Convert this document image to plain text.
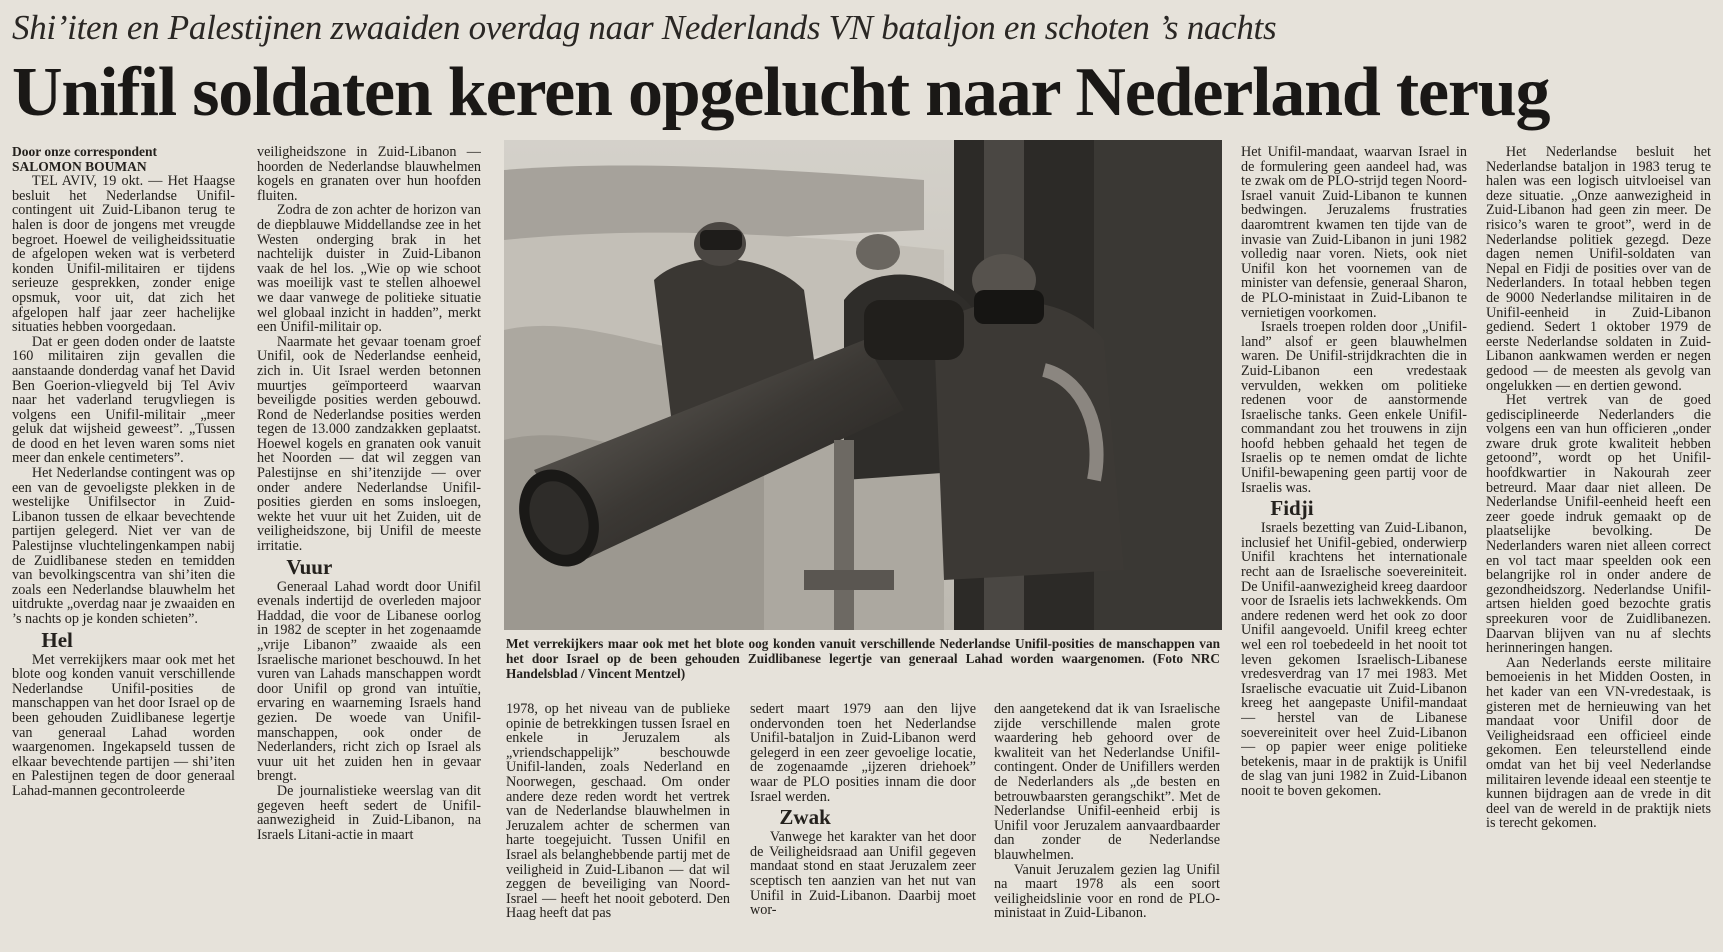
Shi’iten en Palestijnen zwaaiden overdag naar Nederlands VN bataljon en schoten ’s nachts
Unifil soldaten keren opgelucht naar Nederland terug

Door onze correspondent

SALOMON BOUMAN

TEL AVIV, 19 okt. — Het Haagse besluit het Nederlandse Unifil-contingent uit Zuid-Libanon terug te halen is door de jongens met vreugde begroet. Hoewel de veiligheidssituatie de afgelopen weken wat is verbeterd konden Unifil-militairen er tijdens serieuze gesprekken, zonder enige opsmuk, voor uit, dat zich het afgelopen half jaar zeer hachelijke situaties hebben voorgedaan.

Dat er geen doden onder de laatste 160 militairen zijn gevallen die aanstaande donderdag vanaf het David Ben Goerion-vliegveld bij Tel Aviv naar het vaderland terugvliegen is volgens een Unifil-militair „meer geluk dat wijsheid geweest”. „Tussen de dood en het leven waren soms niet meer dan enkele centimeters”.

Het Nederlandse contingent was op een van de gevoeligste plekken in de westelijke Unifilsector in Zuid-Libanon tussen de elkaar bevechtende partijen gelegerd. Niet ver van de Palestijnse vluchtelingenkampen nabij de Zuidlibanese steden en temidden van bevolkingscentra van shi’iten die zoals een Nederlandse blauwhelm het uitdrukte „overdag naar je zwaaiden en ’s nachts op je konden schieten”.

Hel

Met verrekijkers maar ook met het blote oog konden vanuit verschillende Nederlandse Unifil-posities de manschappen van het door Israel op de been gehouden Zuidlibanese legertje van generaal Lahad worden waargenomen. Ingekapseld tussen de elkaar bevechtende partijen — shi’iten en Palestijnen tegen de door generaal Lahad-mannen gecontroleerde

veiligheidszone in Zuid-Libanon — hoorden de Nederlandse blauwhelmen kogels en granaten over hun hoofden fluiten.

Zodra de zon achter de horizon van de diepblauwe Middellandse zee in het Westen onderging brak in het nachtelijk duister in Zuid-Libanon vaak de hel los. „Wie op wie schoot was moeilijk vast te stellen alhoewel we daar vanwege de politieke situatie wel globaal inzicht in hadden”, merkt een Unifil-militair op.

Naarmate het gevaar toenam groef Unifil, ook de Nederlandse eenheid, zich in. Uit Israel werden betonnen muurtjes geïmporteerd waarvan beveiligde posities werden gebouwd. Rond de Nederlandse posities werden tegen de 13.000 zandzakken geplaatst. Hoewel kogels en granaten ook vanuit het Noorden — dat wil zeggen van Palestijnse en shi’itenzijde — over onder andere Nederlandse Unifil-posities gierden en soms insloegen, wekte het vuur uit het Zuiden, uit de veiligheidszone, bij Unifil de meeste irritatie.

Vuur

Generaal Lahad wordt door Unifil evenals indertijd de overleden majoor Haddad, die voor de Libanese oorlog in 1982 de scepter in het zogenaamde „vrije Libanon” zwaaide als een Israelische marionet beschouwd. In het vuren van Lahads manschappen wordt door Unifil op grond van intuïtie, ervaring en waarneming Israels hand gezien. De woede van Unifil-manschappen, ook onder de Nederlanders, richt zich op Israel als vuur uit het zuiden hen in gevaar brengt.

De journalistieke weerslag van dit gegeven heeft sedert de Unifil-aanwezigheid in Zuid-Libanon, na Israels Litani-actie in maart

Met verrekijkers maar ook met het blote oog konden vanuit verschillende Nederlandse Unifil-posities de manschappen van het door Israel op de been gehouden Zuidlibanese legertje van generaal Lahad worden waargenomen. (Foto NRC Handelsblad / Vincent Mentzel)

1978, op het niveau van de publieke opinie de betrekkingen tussen Israel en enkele in Jeruzalem als „vriendschappelijk” beschouwde Unifil-landen, zoals Nederland en Noorwegen, geschaad. Om onder andere deze reden wordt het vertrek van de Nederlandse blauwhelmen in Jeruzalem achter de schermen van harte toegejuicht. Tussen Unifil en Israel als belanghebbende partij met de veiligheid in Zuid-Libanon — dat wil zeggen de beveiliging van Noord-Israel — heeft het nooit geboterd. Den Haag heeft dat pas

sedert maart 1979 aan den lijve ondervonden toen het Nederlandse Unifil-bataljon in Zuid-Libanon werd gelegerd in een zeer gevoelige locatie, de zogenaamde „ijzeren driehoek” waar de PLO posities innam die door Israel werden.

Zwak

Vanwege het karakter van het door de Veiligheidsraad aan Unifil gegeven mandaat stond en staat Jeruzalem zeer sceptisch ten aanzien van het nut van Unifil in Zuid-Libanon. Daarbij moet wor-

den aangetekend dat ik van Israelische zijde verschillende malen grote waardering heb gehoord over de kwaliteit van het Nederlandse Unifil-contingent. Onder de Unifillers werden de Nederlanders als „de besten en betrouwbaarsten gerangschikt”. Met de Nederlandse Unifil-eenheid erbij is Unifil voor Jeruzalem aanvaardbaarder dan zonder de Nederlandse blauwhelmen.

Vanuit Jeruzalem gezien lag Unifil na maart 1978 als een soort veiligheidslinie voor en rond de PLO-ministaat in Zuid-Libanon.

Het Unifil-mandaat, waarvan Israel in de formulering geen aandeel had, was te zwak om de PLO-strijd tegen Noord-Israel vanuit Zuid-Libanon te kunnen bedwingen. Jeruzalems frustraties daaromtrent kwamen ten tijde van de invasie van Zuid-Libanon in juni 1982 volledig naar voren. Niets, ook niet Unifil kon het voornemen van de minister van defensie, generaal Sharon, de PLO-ministaat in Zuid-Libanon te vernietigen voorkomen.

Israels troepen rolden door „Unifil-land” alsof er geen blauwhelmen waren. De Unifil-strijdkrachten die in Zuid-Libanon een vredestaak vervulden, wekken om politieke redenen voor de aanstormende Israelische tanks. Geen enkele Unifil-commandant zou het trouwens in zijn hoofd hebben gehaald het tegen de Israelis op te nemen omdat de lichte Unifil-bewapening geen partij voor de Israelis was.

Fidji

Israels bezetting van Zuid-Libanon, inclusief het Unifil-gebied, onderwierp Unifil krachtens het internationale recht aan de Israelische soevereiniteit. De Unifil-aanwezigheid kreeg daardoor voor de Israelis iets lachwekkends. Om andere redenen werd het ook zo door Unifil aangevoeld. Unifil kreeg echter wel een rol toebedeeld in het nooit tot leven gekomen Israelisch-Libanese vredesverdrag van 17 mei 1983. Met Israelische evacuatie uit Zuid-Libanon kreeg het aangepaste Unifil-mandaat — herstel van de Libanese soevereiniteit over heel Zuid-Libanon — op papier weer enige politieke betekenis, maar in de praktijk is Unifil de slag van juni 1982 in Zuid-Libanon nooit te boven gekomen.

Het Nederlandse besluit het Nederlandse bataljon in 1983 terug te halen was een logisch uitvloeisel van deze situatie. „Onze aanwezigheid in Zuid-Libanon had geen zin meer. De risico’s waren te groot”, werd in de Nederlandse politiek gezegd. Deze dagen nemen Unifil-soldaten van Nepal en Fidji de posities over van de Nederlanders. In totaal hebben tegen de 9000 Nederlandse militairen in de Unifil-eenheid in Zuid-Libanon gediend. Sedert 1 oktober 1979 de eerste Nederlandse soldaten in Zuid-Libanon aankwamen werden er negen gedood — de meesten als gevolg van ongelukken — en dertien gewond.

Het vertrek van de goed gedisciplineerde Nederlanders die volgens een van hun officieren „onder zware druk grote kwaliteit hebben getoond”, wordt op het Unifil-hoofdkwartier in Nakourah zeer betreurd. Maar daar niet alleen. De Nederlandse Unifil-eenheid heeft een zeer goede indruk gemaakt op de plaatselijke bevolking. De Nederlanders waren niet alleen correct en vol tact maar speelden ook een belangrijke rol in onder andere de gezondheidszorg. Nederlandse Unifil-artsen hielden goed bezochte gratis spreekuren voor de Zuidlibanezen. Daarvan blijven van nu af slechts herinneringen hangen.

Aan Nederlands eerste militaire bemoeienis in het Midden Oosten, in het kader van een VN-vredestaak, is gisteren met de hernieuwing van het mandaat voor Unifil door de Veiligheidsraad een officieel einde gekomen. Een teleurstellend einde omdat van het bij veel Nederlandse militairen levende ideaal een steentje te kunnen bijdragen aan de vrede in dit deel van de wereld in de praktijk niets is terecht gekomen.
